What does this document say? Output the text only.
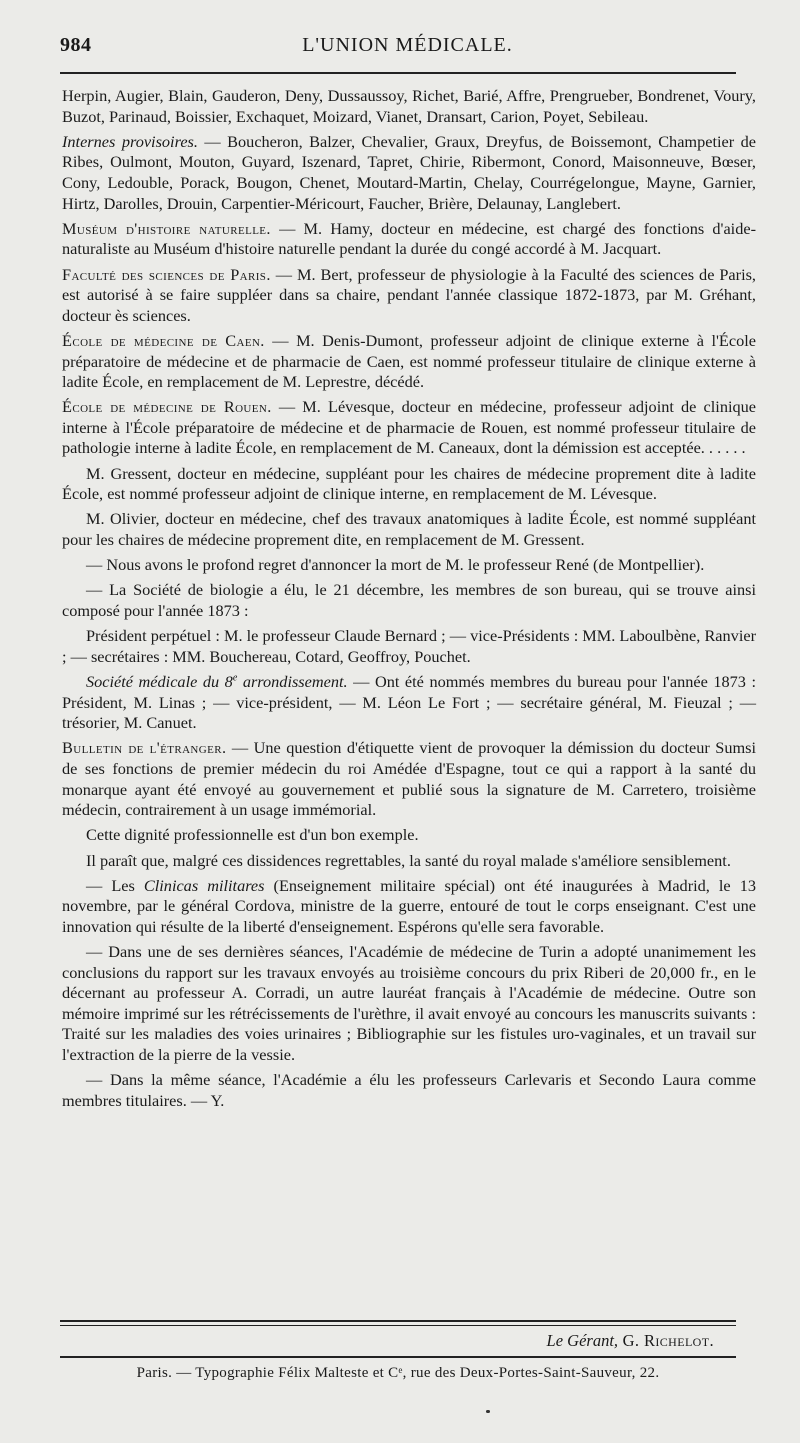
984	L'UNION MÉDICALE.

Herpin, Augier, Blain, Gauderon, Deny, Dussaussoy, Richet, Barié, Affre, Prengrueber, Bondrenet, Voury, Buzot, Parinaud, Boissier, Exchaquet, Moizard, Vianet, Dransart, Carion, Poyet, Sebileau.

Internes provisoires. — Boucheron, Balzer, Chevalier, Graux, Dreyfus, de Boissemont, Champetier de Ribes, Oulmont, Mouton, Guyard, Iszenard, Tapret, Chirie, Ribermont, Conord, Maisonneuve, Bœser, Cony, Ledouble, Porack, Bougon, Chenet, Moutard-Martin, Chelay, Courrégelongue, Mayne, Garnier, Hirtz, Darolles, Drouin, Carpentier-Méricourt, Faucher, Brière, Delaunay, Langlebert.

Muséum d'histoire naturelle. — M. Hamy, docteur en médecine, est chargé des fonctions d'aide-naturaliste au Muséum d'histoire naturelle pendant la durée du congé accordé à M. Jacquart.

Faculté des sciences de Paris. — M. Bert, professeur de physiologie à la Faculté des sciences de Paris, est autorisé à se faire suppléer dans sa chaire, pendant l'année classique 1872-1873, par M. Gréhant, docteur ès sciences.

École de médecine de Caen. — M. Denis-Dumont, professeur adjoint de clinique externe à l'École préparatoire de médecine et de pharmacie de Caen, est nommé professeur titulaire de clinique externe à ladite École, en remplacement de M. Leprestre, décédé.

École de médecine de Rouen. — M. Lévesque, docteur en médecine, professeur adjoint de clinique interne à l'École préparatoire de médecine et de pharmacie de Rouen, est nommé professeur titulaire de pathologie interne à ladite École, en remplacement de M. Caneaux, dont la démission est acceptée. . . . . .

M. Gressent, docteur en médecine, suppléant pour les chaires de médecine proprement dite à ladite École, est nommé professeur adjoint de clinique interne, en remplacement de M. Lévesque.

M. Olivier, docteur en médecine, chef des travaux anatomiques à ladite École, est nommé suppléant pour les chaires de médecine proprement dite, en remplacement de M. Gressent.

— Nous avons le profond regret d'annoncer la mort de M. le professeur René (de Montpellier).

— La Société de biologie a élu, le 21 décembre, les membres de son bureau, qui se trouve ainsi composé pour l'année 1873 :

Président perpétuel : M. le professeur Claude Bernard ; — vice-Présidents : MM. Laboulbène, Ranvier ; — secrétaires : MM. Bouchereau, Cotard, Geoffroy, Pouchet.

Société médicale du 8e arrondissement. — Ont été nommés membres du bureau pour l'année 1873 : Président, M. Linas ; — vice-président, — M. Léon Le Fort ; — secrétaire général, M. Fieuzal ; — trésorier, M. Canuet.

Bulletin de l'étranger. — Une question d'étiquette vient de provoquer la démission du docteur Sumsi de ses fonctions de premier médecin du roi Amédée d'Espagne, tout ce qui a rapport à la santé du monarque ayant été envoyé au gouvernement et publié sous la signature de M. Carretero, troisième médecin, contrairement à un usage immémorial.

Cette dignité professionnelle est d'un bon exemple.

Il paraît que, malgré ces dissidences regrettables, la santé du royal malade s'améliore sensiblement.

— Les Clinicas militares (Enseignement militaire spécial) ont été inaugurées à Madrid, le 13 novembre, par le général Cordova, ministre de la guerre, entouré de tout le corps enseignant. C'est une innovation qui résulte de la liberté d'enseignement. Espérons qu'elle sera favorable.

— Dans une de ses dernières séances, l'Académie de médecine de Turin a adopté unanimement les conclusions du rapport sur les travaux envoyés au troisième concours du prix Riberi de 20,000 fr., en le décernant au professeur A. Corradi, un autre lauréat français à l'Académie de médecine. Outre son mémoire imprimé sur les rétrécissements de l'urèthre, il avait envoyé au concours les manuscrits suivants : Traité sur les maladies des voies urinaires ; Bibliographie sur les fistules uro-vaginales, et un travail sur l'extraction de la pierre de la vessie.

— Dans la même séance, l'Académie a élu les professeurs Carlevaris et Secondo Laura comme membres titulaires. — Y.

Le Gérant, G. Richelot.
Paris. — Typographie Félix Malteste et Cᵉ, rue des Deux-Portes-Saint-Sauveur, 22.
